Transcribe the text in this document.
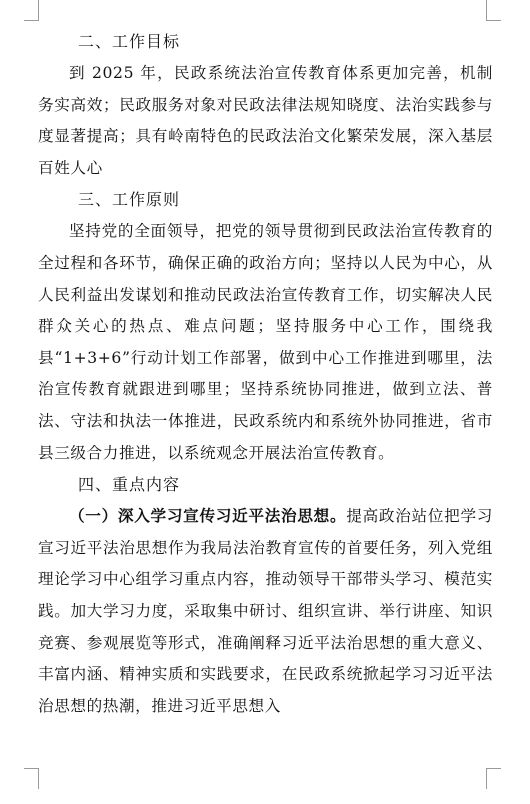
二、工作目标

到 2025 年，民政系统法治宣传教育体系更加完善，机制务实高效；民政服务对象对民政法律法规知晓度、法治实践参与度显著提高；具有岭南特色的民政法治文化繁荣发展，深入基层百姓人心

三、工作原则

坚持党的全面领导，把党的领导贯彻到民政法治宣传教育的全过程和各环节，确保正确的政治方向；坚持以人民为中心，从人民利益出发谋划和推动民政法治宣传教育工作，切实解决人民群众关心的热点、难点问题；坚持服务中心工作，围绕我县“1+3+6”行动计划工作部署，做到中心工作推进到哪里，法治宣传教育就跟进到哪里；坚持系统协同推进，做到立法、普法、守法和执法一体推进，民政系统内和系统外协同推进，省市县三级合力推进，以系统观念开展法治宣传教育。

四、重点内容

（一）深入学习宣传习近平法治思想。提高政治站位把学习宣习近平法治思想作为我局法治教育宣传的首要任务，列入党组理论学习中心组学习重点内容，推动领导干部带头学习、模范实践。加大学习力度，采取集中研讨、组织宣讲、举行讲座、知识竞赛、参观展览等形式，准确阐释习近平法治思想的重大意义、丰富内涵、精神实质和实践要求，在民政系统掀起学习习近平法治思想的热潮，推进习近平思想入
